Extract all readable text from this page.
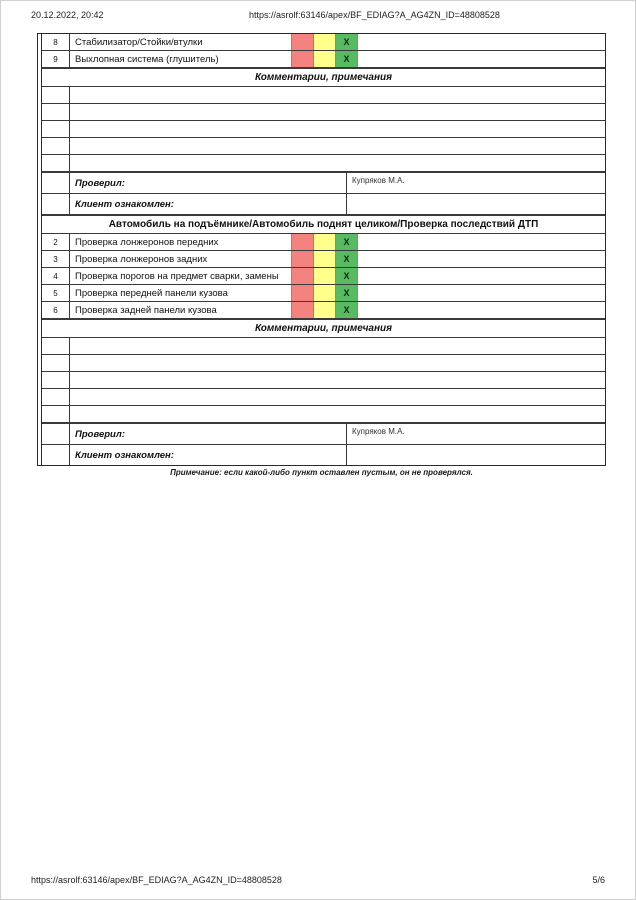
20.12.2022, 20:42	https://asrolf:63146/apex/BF_EDIAG?A_AG4ZN_ID=48808528
8	Стабилизатор/Стойки/втулки	X
9	Выхлопная система (глушитель)	X
Комментарии, примечания
Проверил:	Купряков М.А.
Клиент ознакомлен:
Автомобиль на подъёмнике/Автомобиль поднят целиком/Проверка последствий ДТП
2	Проверка лонжеронов передних	X
3	Проверка лонжеронов задних	X
4	Проверка порогов на предмет сварки, замены	X
5	Проверка передней панели кузова	X
6	Проверка задней панели кузова	X
Комментарии, примечания
Проверил:	Купряков М.А.
Клиент ознакомлен:
Примечание: если какой-либо пункт оставлен пустым, он не проверялся.
https://asrolf:63146/apex/BF_EDIAG?A_AG4ZN_ID=48808528	5/6
